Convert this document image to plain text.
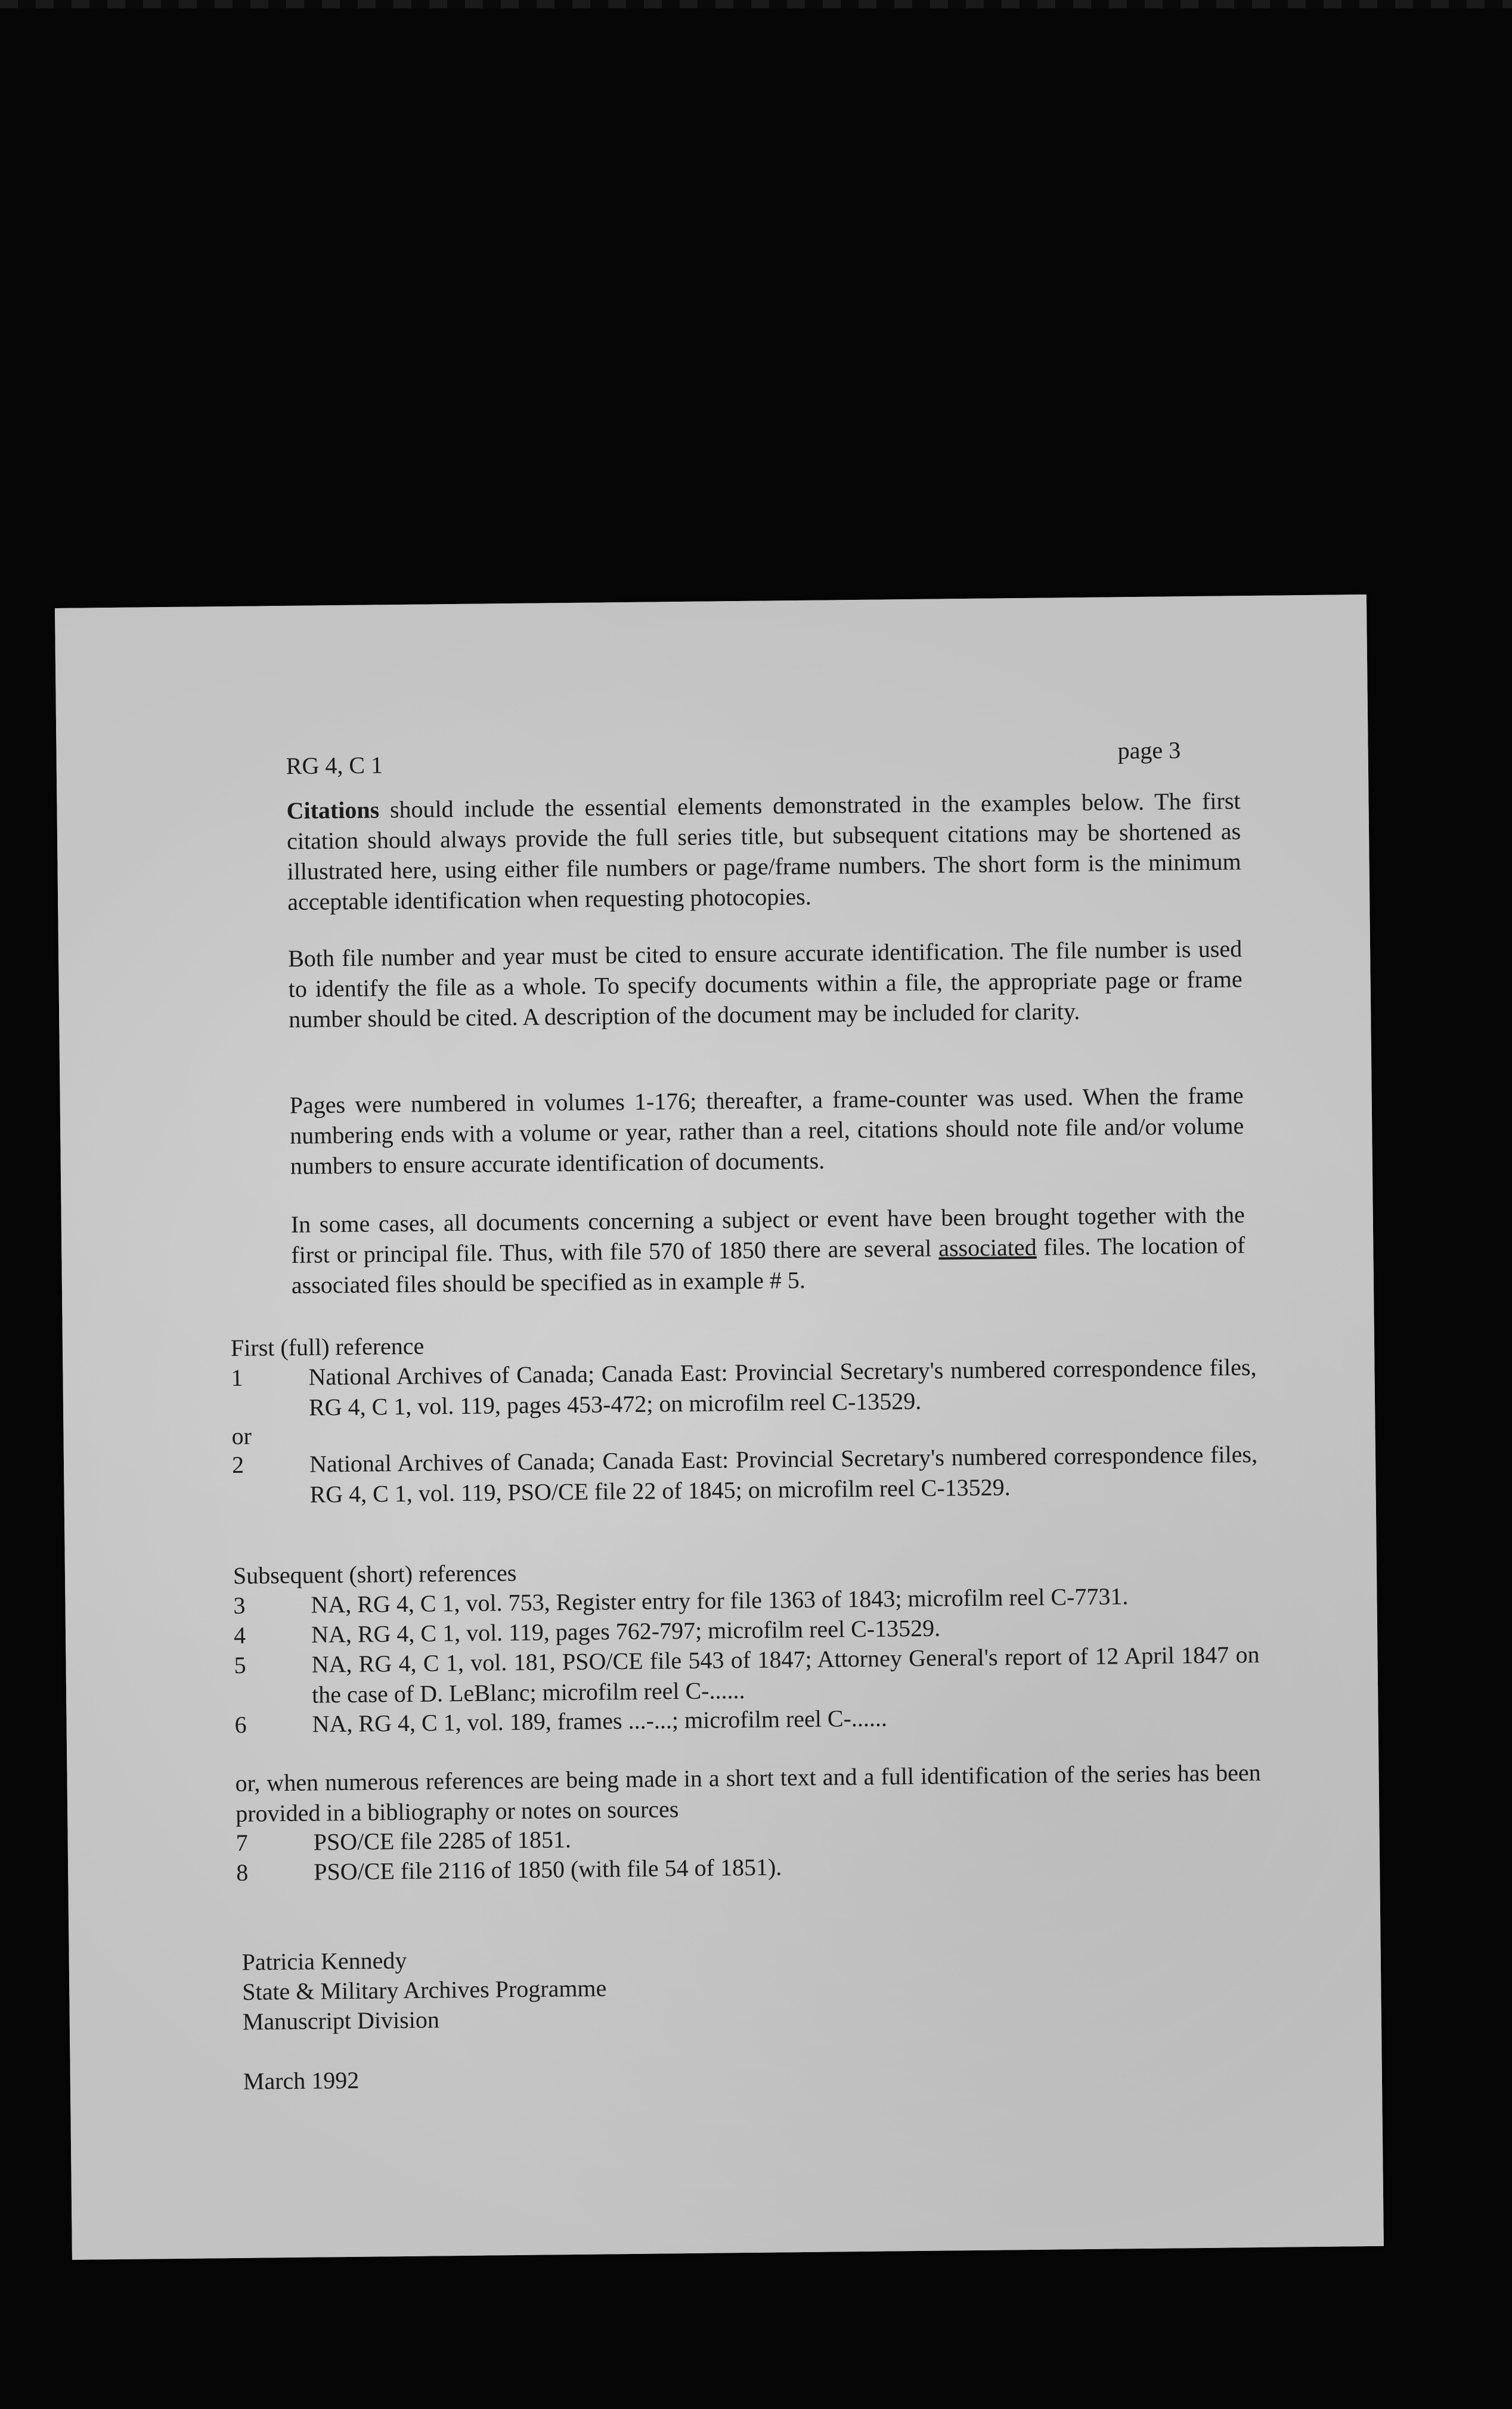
RG 4, C 1
page 3
Citations should include the essential elements demonstrated in the examples below. The first citation should always provide the full series title, but subsequent citations may be shortened as illustrated here, using either file numbers or page/frame numbers. The short form is the minimum acceptable identification when requesting photocopies.
Both file number and year must be cited to ensure accurate identification. The file number is used to identify the file as a whole. To specify documents within a file, the appropriate page or frame number should be cited. A description of the document may be included for clarity.
Pages were numbered in volumes 1-176; thereafter, a frame-counter was used. When the frame numbering ends with a volume or year, rather than a reel, citations should note file and/or volume numbers to ensure accurate identification of documents.
In some cases, all documents concerning a subject or event have been brought together with the first or principal file. Thus, with file 570 of 1850 there are several associated files. The location of associated files should be specified as in example # 5.
First (full) reference
1	National Archives of Canada; Canada East: Provincial Secretary's numbered correspondence files, RG 4, C 1, vol. 119, pages 453-472; on microfilm reel C-13529.
or
2	National Archives of Canada; Canada East: Provincial Secretary's numbered correspondence files, RG 4, C 1, vol. 119, PSO/CE file 22 of 1845; on microfilm reel C-13529.
Subsequent (short) references
3	NA, RG 4, C 1, vol. 753, Register entry for file 1363 of 1843; microfilm reel C-7731.
4	NA, RG 4, C 1, vol. 119, pages 762-797; microfilm reel C-13529.
5	NA, RG 4, C 1, vol. 181, PSO/CE file 543 of 1847; Attorney General's report of 12 April 1847 on the case of D. LeBlanc; microfilm reel C-......
6	NA, RG 4, C 1, vol. 189, frames ...-...; microfilm reel C-......
or, when numerous references are being made in a short text and a full identification of the series has been provided in a bibliography or notes on sources
7	PSO/CE file 2285 of 1851.
8	PSO/CE file 2116 of 1850 (with file 54 of 1851).
Patricia Kennedy
State & Military Archives Programme
Manuscript Division
March 1992
